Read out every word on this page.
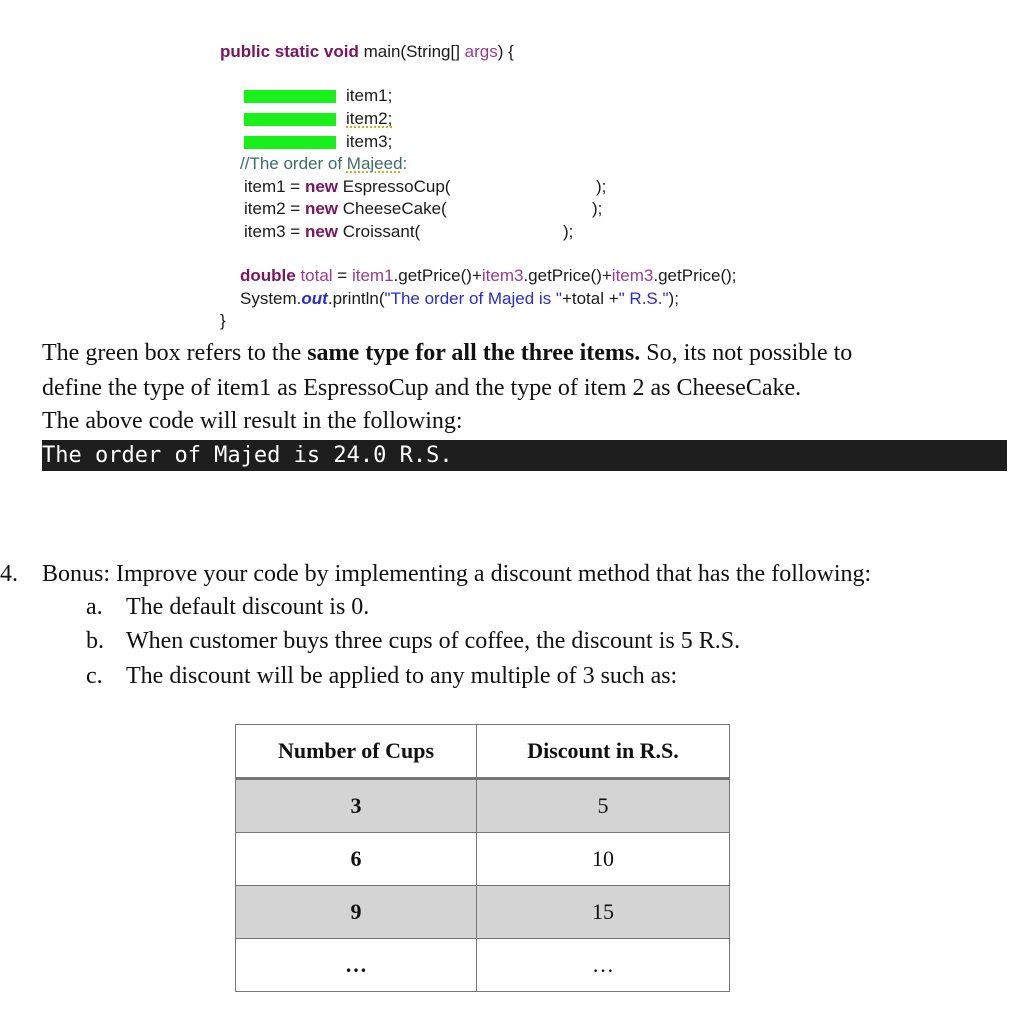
public static void main(String[] args) {
item1;
item2;
item3;
//The order of Majeed:
item1 = new EspressoCup(	);
item2 = new CheeseCake(	);
item3 = new Croissant(	);
double total = item1.getPrice()+item3.getPrice()+item3.getPrice();
System.out.println("The order of Majed is "+total +" R.S.");
}
The green box refers to the same type for all the three items. So, its not possible to
define the type of item1 as EspressoCup and the type of item 2 as CheeseCake.
The above code will result in the following:
The order of Majed is 24.0 R.S.
4. Bonus: Improve your code by implementing a discount method that has the following:
a. The default discount is 0.
b. When customer buys three cups of coffee, the discount is 5 R.S.
c. The discount will be applied to any multiple of 3 such as:
Number of Cups	Discount in R.S.
3	5
6	10
9	15
…	…
